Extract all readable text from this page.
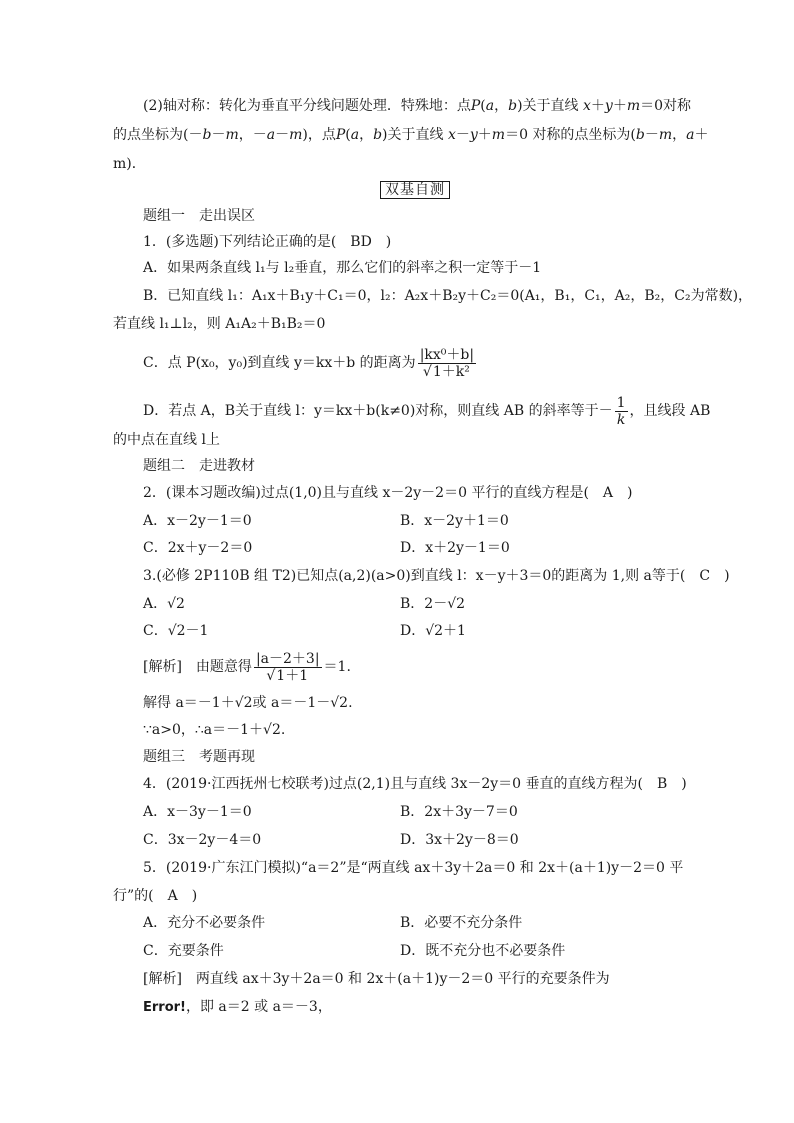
(2)轴对称：转化为垂直平分线问题处理．特殊地：点P(a，b)关于直线 x＋y＋m＝0对称
的点坐标为(－b－m，－a－m)，点P(a，b)关于直线 x－y＋m＝0 对称的点坐标为(b－m，a＋
m)．
双基自测
题组一　走出误区
1．(多选题)下列结论正确的是(　BD　)
A．如果两条直线 l₁与 l₂垂直，那么它们的斜率之积一定等于－1
B．已知直线 l₁：A₁x＋B₁y＋C₁＝0，l₂：A₂x＋B₂y＋C₂＝0(A₁，B₁，C₁，A₂，B₂，C₂为常数)，
若直线 l₁⊥l₂，则 A₁A₂＋B₁B₂＝0
C．点 P(x₀，y₀)到直线 y＝kx＋b 的距离为 $\frac{\text{|kx⁰＋b|}}{\text{√1＋k²}}$
D．若点 A，B关于直线 l：y＝kx＋b(k≠0)对称，则直线 AB 的斜率等于－ $\frac{1}{k}$ ，且线段 AB
的中点在直线 l上
题组二　走进教材
2．(课本习题改编)过点(1,0)且与直线 x－2y－2＝0 平行的直线方程是(　A　)
A．x－2y－1＝0	B．x－2y＋1＝0
C．2x＋y－2＝0	D．x＋2y－1＝0
3.(必修 2P110B 组 T2)已知点(a,2)(a>0)到直线 l：x－y＋3＝0的距离为 1,则 a等于(　C　)
A．√2	B．2－√2
C．√2－1	D．√2＋1
[解析]　由题意得 $\frac{|a-2+3|}{√1+1} =1$.
解得 a＝－1＋√2或 a＝－1－√2.
∵a>0，∴a＝－1＋√2.
题组三　考题再现
4．(2019·江西抚州七校联考)过点(2,1)且与直线 3x－2y＝0 垂直的直线方程为(　B　)
A．x－3y－1＝0	B．2x＋3y－7＝0
C．3x－2y－4＝0	D．3x＋2y－8＝0
5．(2019·广东江门模拟)“a＝2”是“两直线 ax＋3y＋2a＝0 和 2x＋(a＋1)y－2＝0 平
行”的(　A　)
A．充分不必要条件	B．必要不充分条件
C．充要条件	D．既不充分也不必要条件
[解析]　两直线 ax＋3y＋2a＝0 和 2x＋(a＋1)y－2＝0 平行的充要条件为
Error!，即 a＝2 或 a＝－3，
